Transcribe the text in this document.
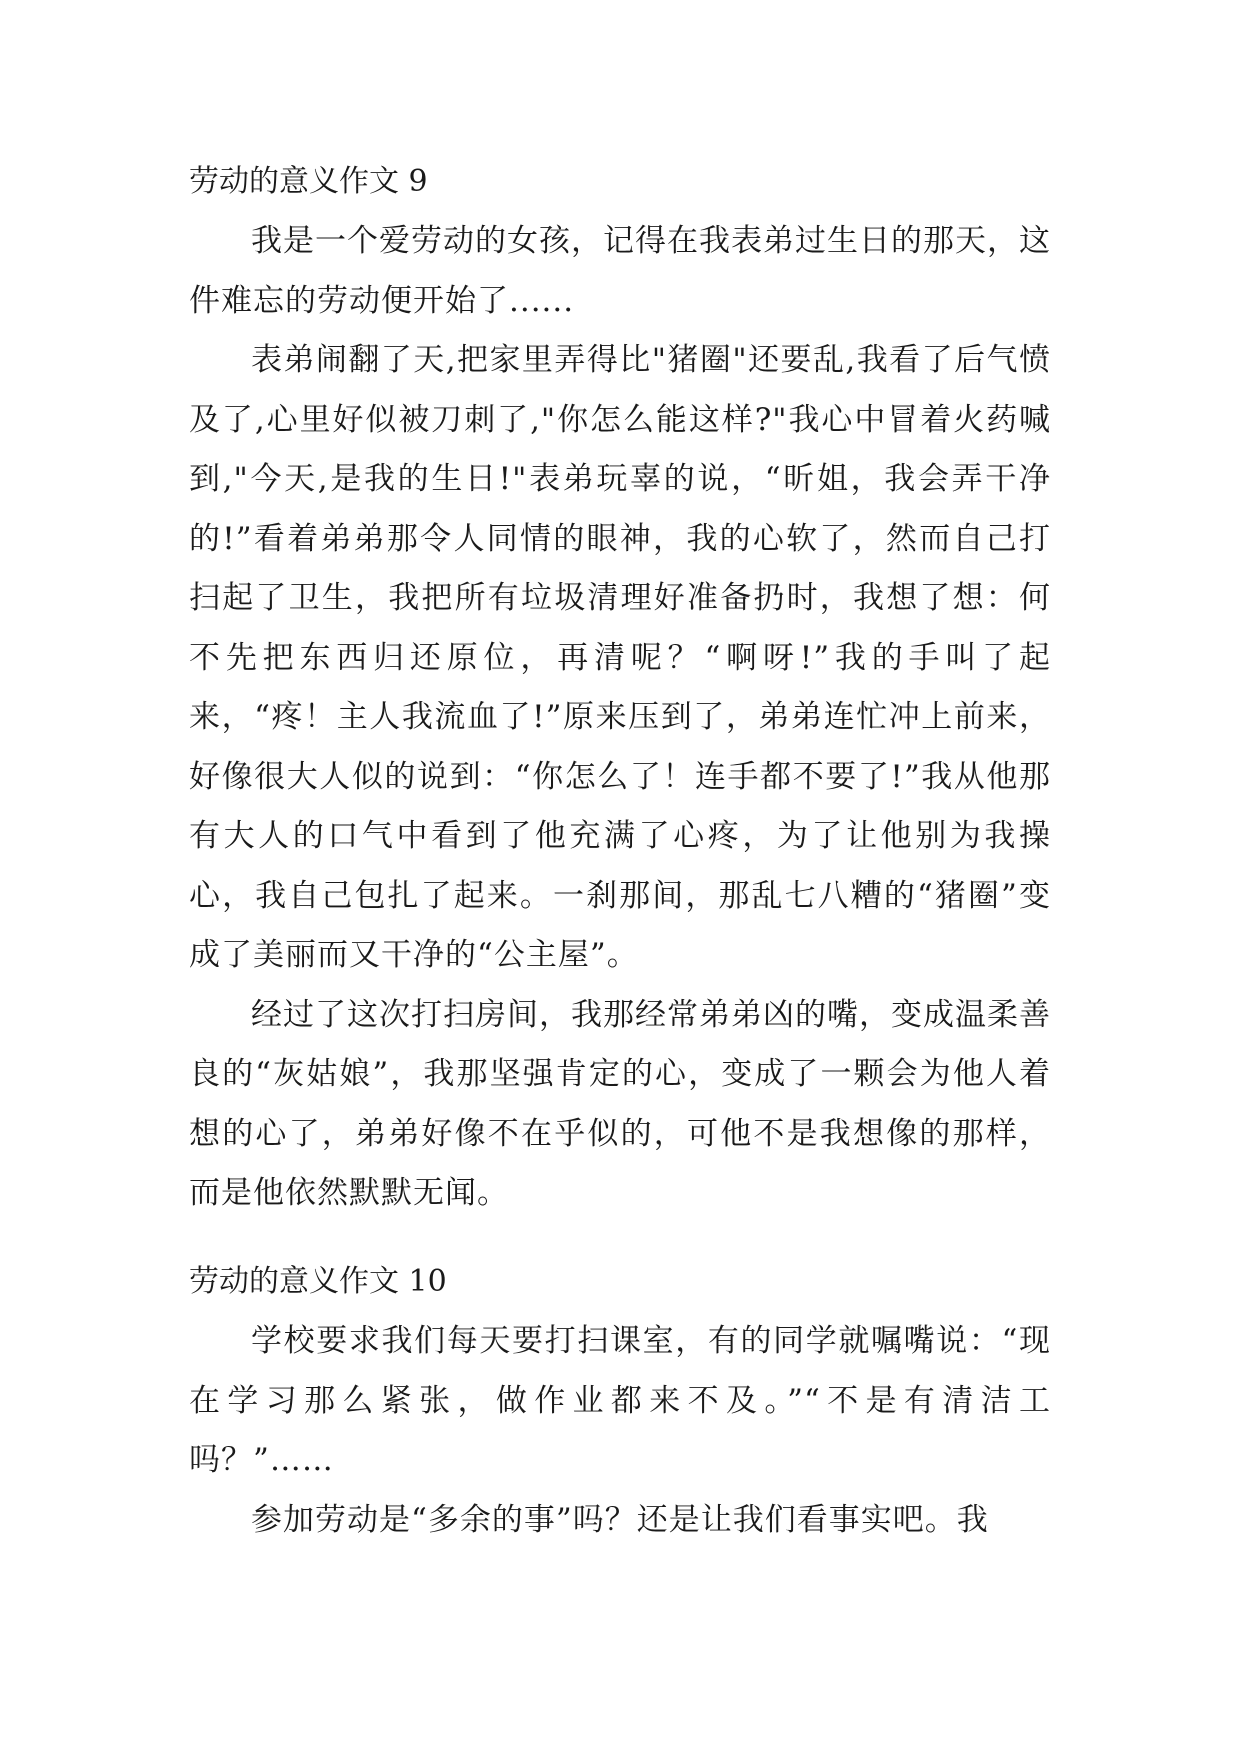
劳动的意义作文 9

我是一个爱劳动的女孩，记得在我表弟过生日的那天，这件难忘的劳动便开始了......

表弟闹翻了天,把家里弄得比"猪圈"还要乱,我看了后气愤及了,心里好似被刀刺了,"你怎么能这样?"我心中冒着火药喊到,"今天,是我的生日!"表弟玩辜的说，“昕姐，我会弄干净的!”看着弟弟那令人同情的眼神，我的心软了，然而自己打扫起了卫生，我把所有垃圾清理好准备扔时，我想了想：何不先把东西归还原位，再清呢？“啊呀!”我的手叫了起来，“疼！主人我流血了!”原来压到了，弟弟连忙冲上前来，好像很大人似的说到：“你怎么了！连手都不要了!”我从他那有大人的口气中看到了他充满了心疼，为了让他别为我操心，我自己包扎了起来。一刹那间，那乱七八糟的“猪圈”变成了美丽而又干净的“公主屋”。

经过了这次打扫房间，我那经常弟弟凶的嘴，变成温柔善良的“灰姑娘”，我那坚强肯定的心，变成了一颗会为他人着想的心了，弟弟好像不在乎似的，可他不是我想像的那样，而是他依然默默无闻。

劳动的意义作文 10

学校要求我们每天要打扫课室，有的同学就嘱嘴说：“现在学习那么紧张，做作业都来不及。”“不是有清洁工吗？”……

参加劳动是“多余的事”吗？还是让我们看事实吧。我
